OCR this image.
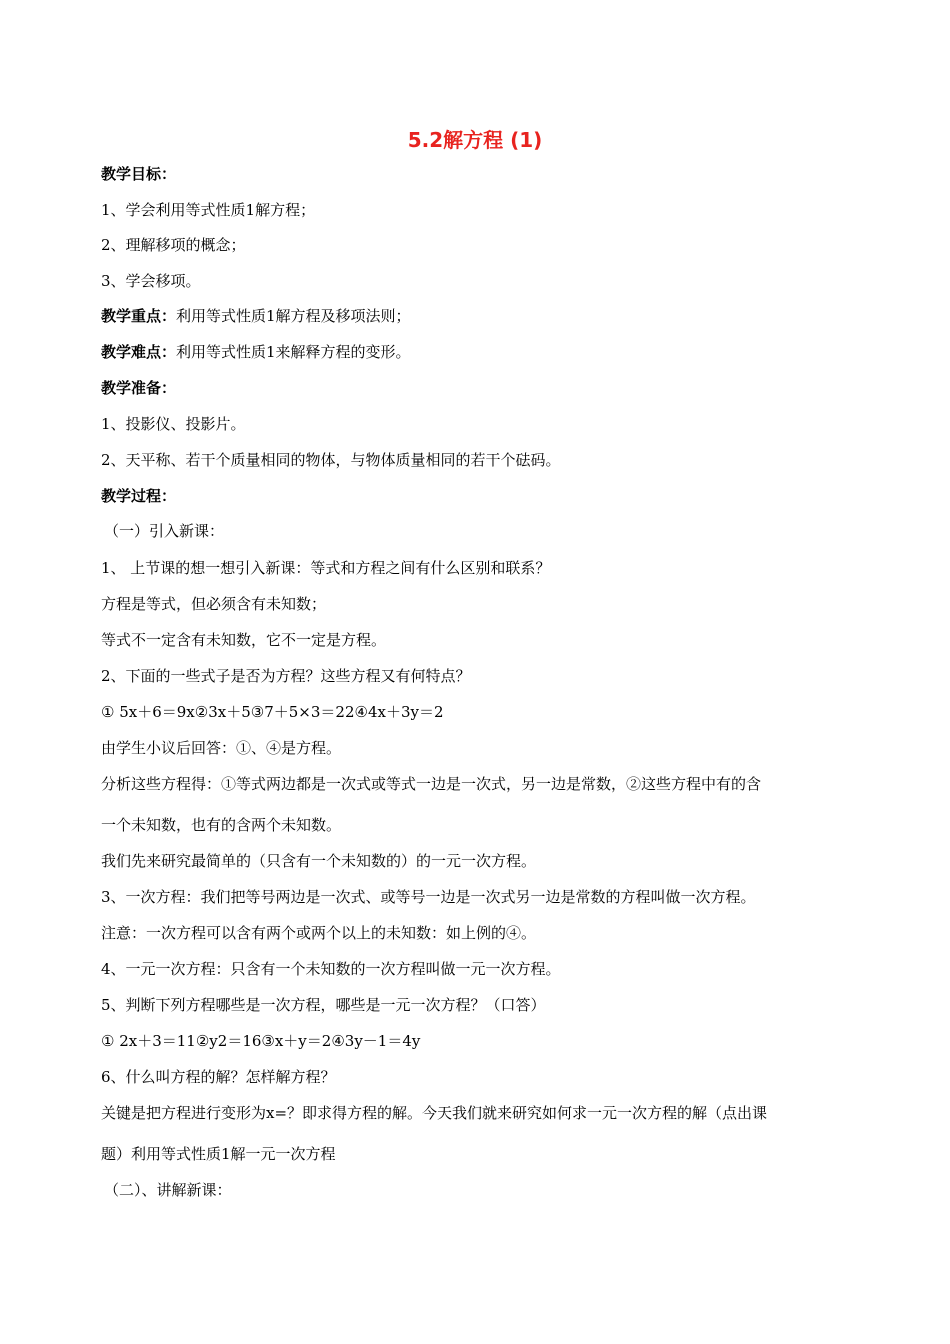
5.2解方程 (1)
教学目标：
1、学会利用等式性质1解方程；
2、理解移项的概念；
3、学会移项。
教学重点：利用等式性质1解方程及移项法则；
教学难点：利用等式性质1来解释方程的变形。
教学准备：
1、投影仪、投影片。
2、天平称、若干个质量相同的物体，与物体质量相同的若干个砝码。
教学过程：
（一）引入新课：
1、 上节课的想一想引入新课：等式和方程之间有什么区别和联系？
方程是等式，但必须含有未知数；
等式不一定含有未知数，它不一定是方程。
2、下面的一些式子是否为方程？这些方程又有何特点？
① 5x＋6＝9x②3x＋5③7＋5×3＝22④4x＋3y＝2
由学生小议后回答：①、④是方程。
分析这些方程得：①等式两边都是一次式或等式一边是一次式，另一边是常数，②这些方程中有的含
一个未知数，也有的含两个未知数。
我们先来研究最简单的（只含有一个未知数的）的一元一次方程。
3、一次方程：我们把等号两边是一次式、或等号一边是一次式另一边是常数的方程叫做一次方程。
注意：一次方程可以含有两个或两个以上的未知数：如上例的④。
4、一元一次方程：只含有一个未知数的一次方程叫做一元一次方程。
5、判断下列方程哪些是一次方程，哪些是一元一次方程？（口答）
① 2x＋3＝11②y2＝16③x＋y＝2④3y－1＝4y
6、什么叫方程的解？怎样解方程？
关键是把方程进行变形为x=？即求得方程的解。今天我们就来研究如何求一元一次方程的解（点出课
题）利用等式性质1解一元一次方程
（二）、讲解新课：
